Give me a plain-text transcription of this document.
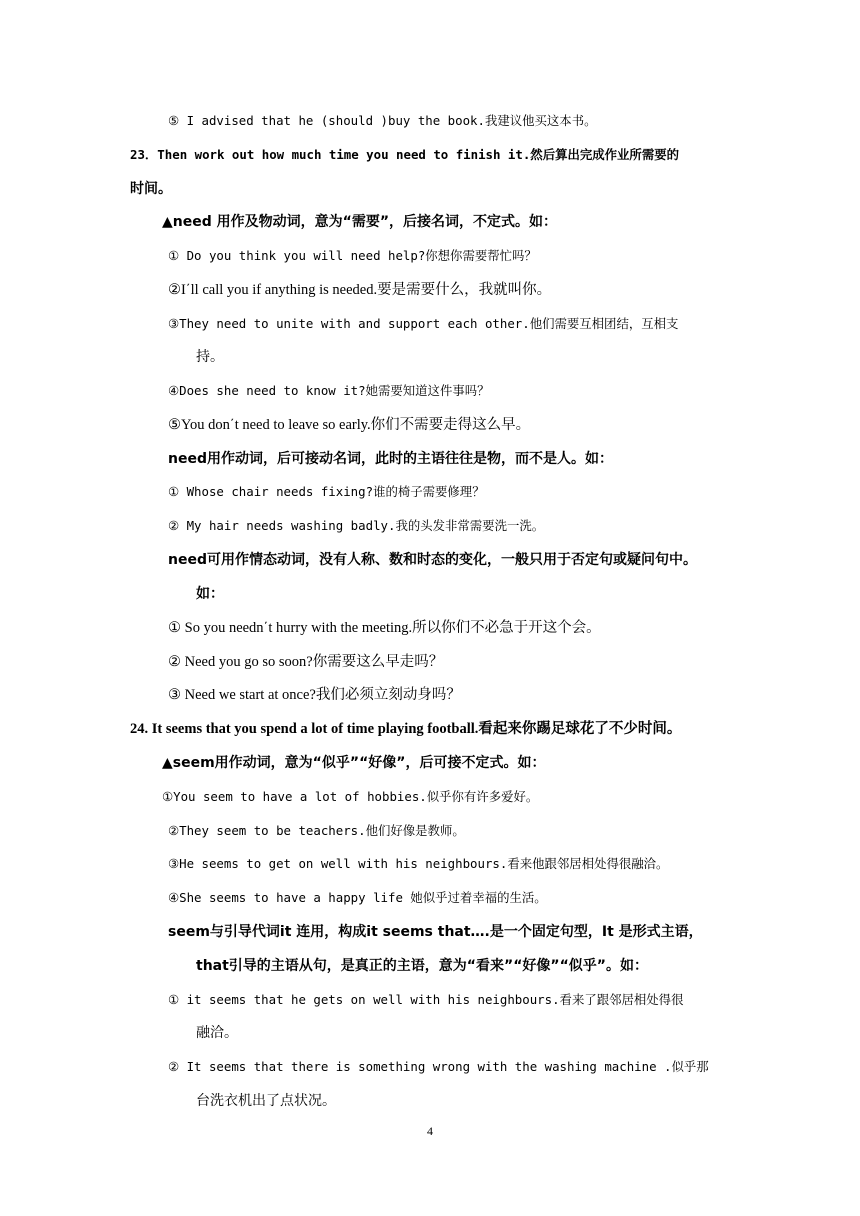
⑤ I advised that he (should )buy the book.我建议他买这本书。
23．Then work out how much time you need to finish it.然后算出完成作业所需要的
时间。
▲need 用作及物动词，意为“需要”，后接名词，不定式。如：
① Do you think you will need help?你想你需要帮忙吗？
②I΄ll call you if anything is needed.要是需要什么，我就叫你。
③They need to unite with and support each other.他们需要互相团结，互相支
持。
④Does she need to know it?她需要知道这件事吗？
⑤You don΄t need to leave so early.你们不需要走得这么早。
need用作动词，后可接动名词，此时的主语往往是物，而不是人。如：
① Whose chair needs fixing?谁的椅子需要修理？
② My hair needs washing badly.我的头发非常需要洗一洗。
need可用作情态动词，没有人称、数和时态的变化，一般只用于否定句或疑问句中。
如：
① So you needn΄t hurry with the meeting.所以你们不必急于开这个会。
② Need you go so soon?你需要这么早走吗？
③ Need we start at once?我们必须立刻动身吗？
24. It seems that you spend a lot of time playing football.看起来你踢足球花了不少时间。
▲seem用作动词，意为“似乎”“好像”，后可接不定式。如：
①You seem to have a lot of hobbies.似乎你有许多爱好。
②They seem to be teachers.他们好像是教师。
③He seems to get on well with his neighbours.看来他跟邻居相处得很融洽。
④She seems to have a happy life 她似乎过着幸福的生活。
seem与引导代词it 连用，构成it seems that….是一个固定句型，It 是形式主语，
that引导的主语从句，是真正的主语，意为“看来”“好像”“似乎”。如：
① it seems that he gets on well with his neighbours.看来了跟邻居相处得很
融洽。
② It seems that there is something wrong with the washing machine .似乎那
台洗衣机出了点状况。
4
